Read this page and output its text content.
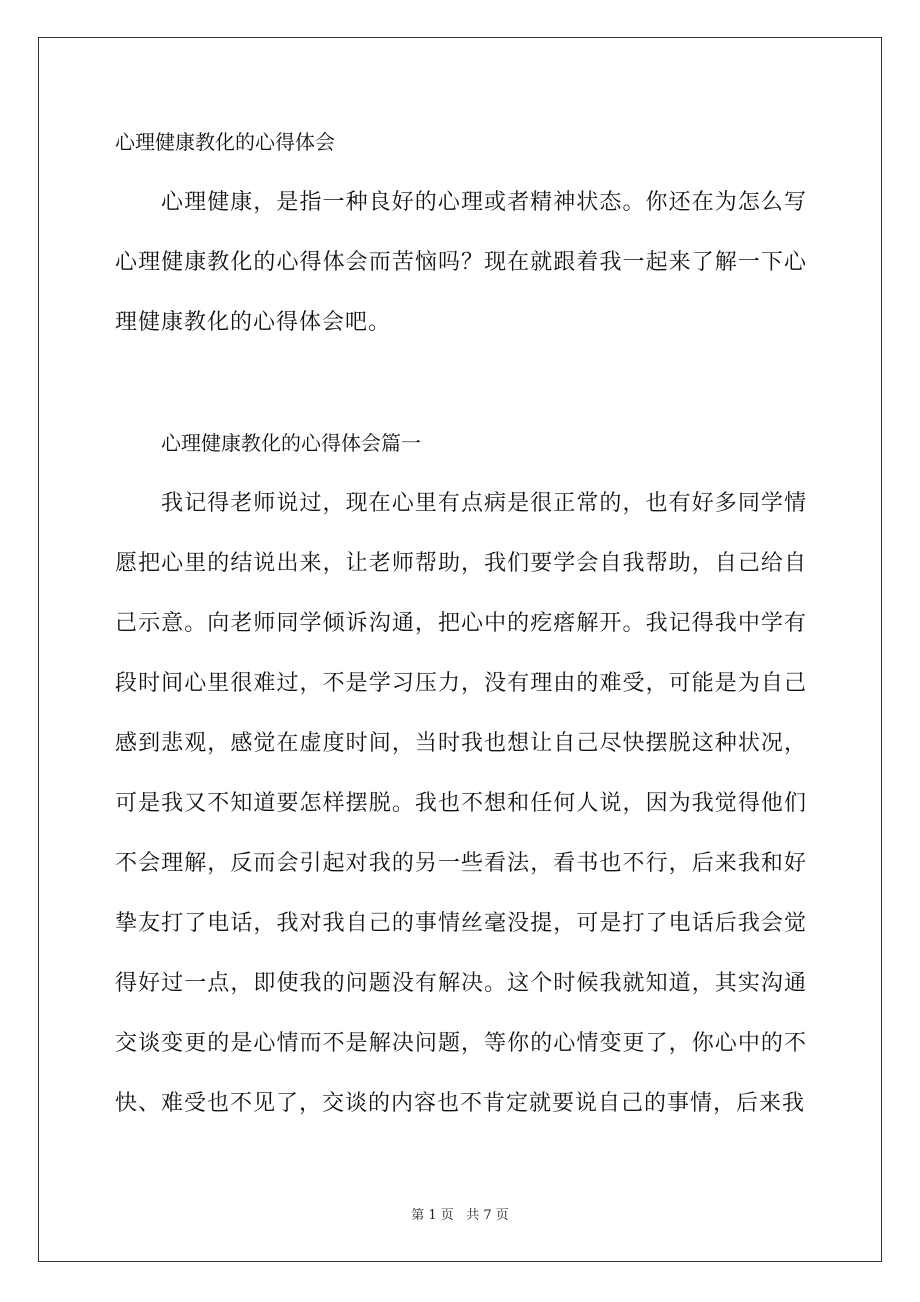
心理健康教化的心得体会

心理健康，是指一种良好的心理或者精神状态。你还在为怎么写心理健康教化的心得体会而苦恼吗？现在就跟着我一起来了解一下心理健康教化的心得体会吧。

心理健康教化的心得体会篇一

我记得老师说过，现在心里有点病是很正常的，也有好多同学情愿把心里的结说出来，让老师帮助，我们要学会自我帮助，自己给自己示意。向老师同学倾诉沟通，把心中的疙瘩解开。我记得我中学有段时间心里很难过，不是学习压力，没有理由的难受，可能是为自己感到悲观，感觉在虚度时间，当时我也想让自己尽快摆脱这种状况，可是我又不知道要怎样摆脱。我也不想和任何人说，因为我觉得他们不会理解，反而会引起对我的另一些看法，看书也不行，后来我和好挚友打了电话，我对我自己的事情丝毫没提，可是打了电话后我会觉得好过一点，即使我的问题没有解决。这个时候我就知道，其实沟通交谈变更的是心情而不是解决问题，等你的心情变更了，你心中的不快、难受也不见了，交谈的内容也不肯定就要说自己的事情，后来我

第 1 页   共 7 页
